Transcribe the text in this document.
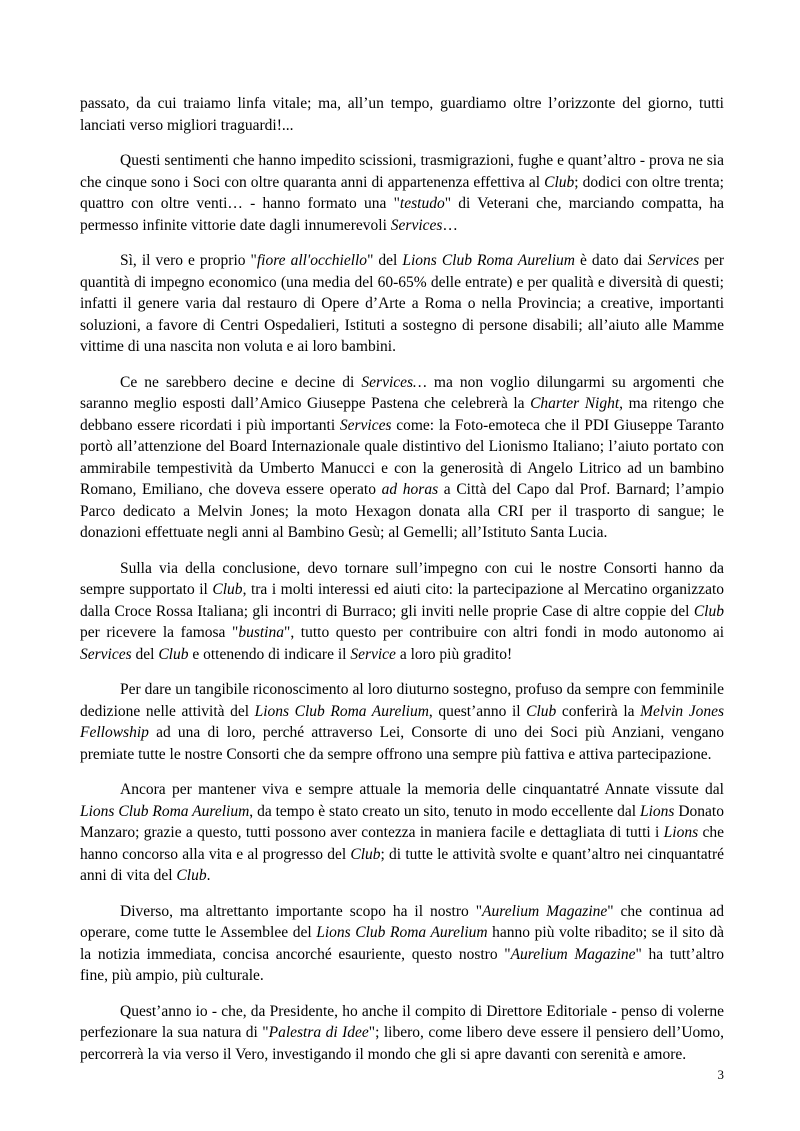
passato, da cui traiamo linfa vitale; ma, all’un tempo, guardiamo oltre l’orizzonte del giorno, tutti lanciati verso migliori traguardi!...

Questi sentimenti che hanno impedito scissioni, trasmigrazioni, fughe e quant’altro - prova ne sia che cinque sono i Soci con oltre quaranta anni di appartenenza effettiva al Club; dodici con oltre trenta; quattro con oltre venti… - hanno formato una "testudo" di Veterani che, marciando compatta, ha permesso infinite vittorie date dagli innumerevoli Services…

Sì, il vero e proprio "fiore all'occhiello" del Lions Club Roma Aurelium è dato dai Services per quantità di impegno economico (una media del 60-65% delle entrate) e per qualità e diversità di questi; infatti il genere varia dal restauro di Opere d’Arte a Roma o nella Provincia; a creative, importanti soluzioni, a favore di Centri Ospedalieri, Istituti a sostegno di persone disabili; all’aiuto alle Mamme vittime di una nascita non voluta e ai loro bambini.

Ce ne sarebbero decine e decine di Services… ma non voglio dilungarmi su argomenti che saranno meglio esposti dall’Amico Giuseppe Pastena che celebrerà la Charter Night, ma ritengo che debbano essere ricordati i più importanti Services come: la Foto-emoteca che il PDI Giuseppe Taranto portò all’attenzione del Board Internazionale quale distintivo del Lionismo Italiano; l’aiuto portato con ammirabile tempestività da Umberto Manucci e con la generosità di Angelo Litrico ad un bambino Romano, Emiliano, che doveva essere operato ad horas a Città del Capo dal Prof. Barnard; l’ampio Parco dedicato a Melvin Jones; la moto Hexagon donata alla CRI per il trasporto di sangue; le donazioni effettuate negli anni al Bambino Gesù; al Gemelli; all’Istituto Santa Lucia.

Sulla via della conclusione, devo tornare sull’impegno con cui le nostre Consorti hanno da sempre supportato il Club, tra i molti interessi ed aiuti cito: la partecipazione al Mercatino organizzato dalla Croce Rossa Italiana; gli incontri di Burraco; gli inviti nelle proprie Case di altre coppie del Club per ricevere la famosa "bustina", tutto questo per contribuire con altri fondi in modo autonomo ai Services del Club e ottenendo di indicare il Service a loro più gradito!

Per dare un tangibile riconoscimento al loro diuturno sostegno, profuso da sempre con femminile dedizione nelle attività del Lions Club Roma Aurelium, quest’anno il Club conferirà la Melvin Jones Fellowship ad una di loro, perché attraverso Lei, Consorte di uno dei Soci più Anziani, vengano premiate tutte le nostre Consorti che da sempre offrono una sempre più fattiva e attiva partecipazione.

Ancora per mantener viva e sempre attuale la memoria delle cinquantatré Annate vissute dal Lions Club Roma Aurelium, da tempo è stato creato un sito, tenuto in modo eccellente dal Lions Donato Manzaro; grazie a questo, tutti possono aver contezza in maniera facile e dettagliata di tutti i Lions che hanno concorso alla vita e al progresso del Club; di tutte le attività svolte e quant’altro nei cinquantatré anni di vita del Club.

Diverso, ma altrettanto importante scopo ha il nostro "Aurelium Magazine" che continua ad operare, come tutte le Assemblee del Lions Club Roma Aurelium hanno più volte ribadito; se il sito dà la notizia immediata, concisa ancorché esauriente, questo nostro "Aurelium Magazine" ha tutt’altro fine, più ampio, più culturale.

Quest’anno io - che, da Presidente, ho anche il compito di Direttore Editoriale - penso di volerne perfezionare la sua natura di "Palestra di Idee"; libero, come libero deve essere il pensiero dell’Uomo, percorrerà la via verso il Vero, investigando il mondo che gli si apre davanti con serenità e amore.

3
